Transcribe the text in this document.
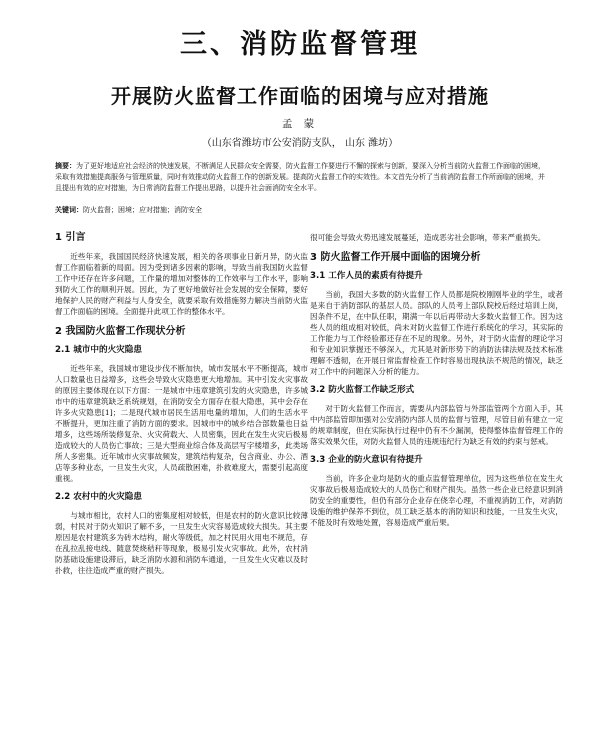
三、消防监督管理
开展防火监督工作面临的困境与应对措施
孟 蒙
（山东省潍坊市公安消防支队， 山东 潍坊）
摘要：为了更好地适应社会经济的快速发展，不断满足人民群众安全需要，防火监督工作要进行不懈的探索与创新，要深入分析当前防火监督工作面临的困境，采取有效措施提高服务与管理质量，同时有效推动防火监督工作的创新发展。提高防火监督工作的实效性。本文首先分析了当前消防监督工作所面临的困境，并且提出有效的应对措施，为日常消防监督工作提出思路，以提升社会面消防安全水平。
关键词：防火监督；困境；应对措施；消防安全
1 引言

近些年来，我国国民经济快速发展，相关的各项事业日新月异，防火监督工作面临着新的局面。因为受到诸多因素的影响，导致当前我国防火监督工作中还存在许多问题，工作量的增加对整体的工作效率与工作水平，影响到防火工作的顺利开展。因此，为了更好地做好社会发展的安全保障，要好地保护人民的财产利益与人身安全，就要采取有效措施努力解决当前防火监督工作面临的困境。全面提升此项工作的整体水平。

2 我国防火监督工作现状分析
2.1 城市中的火灾隐患

近些年来，我国城市建设步伐不断加快，城市发展水平不断提高，城市人口数量也日益增多，这些会导致火灾隐患更大地增加。其中引发火灾事故的原因主要体现在以下方面：一是城市中违章建筑引发的火灾隐患，许多城市中的违章建筑缺乏系统规划，在消防安全方面存在很大隐患，其中会存在许多火灾隐患[1]；二是现代城市居民生活用电量的增加，人们的生活水平不断提升，更加注重了消防方面的要求。因城市中的城乡结合部数量也日益增多，这些场所装修复杂、火灾荷载大、人员密集，因此在发生火灾后极易造成较大的人员伤亡事故；三是大型商业综合体及高层写字楼增多，此类场所人多密集。近年城市火灾事故频发，建筑结构复杂，包含商业、办公、酒店等多种业态，一旦发生火灾，人员疏散困难，扑救难度大，需要引起高度重视。

2.2 农村中的火灾隐患

与城市相比，农村人口的密集度相对较低，但是农村的防火意识比较薄弱，村民对于防火知识了解不多，一旦发生火灾容易造成较大损失。其主要原因是农村建筑多为砖木结构，耐火等级低，加之村民用火用电不规范，存在乱拉乱接电线、随意焚烧秸秆等现象，极易引发火灾事故。此外，农村消防基础设施建设滞后，缺乏消防水源和消防车通道，一旦发生火灾难以及时扑救，往往造成严重的财产损失。

很可能会导致火势迅速发展蔓延，造成恶劣社会影响，带来严重损失。

3 防火监督工作开展中面临的困境分析
3.1 工作人员的素质有待提升

当前，我国大多数的防火监督工作人员都是院校刚刚毕业的学生，或者是来自于消防部队的基层人员。部队的人员考上部队院校后经过培训上岗，因条件不足，在中队任职，期满一年以后再带动大多数火监督工作。因为这些人员的组成相对较低，尚未对防火监督工作进行系统化的学习，其实际的工作能力与工作经验都还存在不足的现象。另外，对于防火监督的理论学习和专业知识掌握还不够深入，尤其是对新形势下的消防法律法规及技术标准理解不透彻，在开展日常监督检查工作时容易出现执法不规范的情况，缺乏对工作中的问题深入分析的能力。

3.2 防火监督工作缺乏形式

对于防火监督工作而言，需要从内部监管与外部监管两个方面入手，其中内部监管即加强对公安消防内部人员的监督与管理，尽管目前有建立一定的规章制度，但在实际执行过程中仍有不少漏洞，使得整体监督管理工作的落实效果欠佳，对防火监督人员的违规违纪行为缺乏有效的约束与惩戒。

3.3 企业的防火意识有待提升

当前，许多企业均是防火的重点监督管理单位，因为这些单位在发生火灾事故后极易造成较大的人员伤亡和财产损失。虽然一些企业已经意识到消防安全的重要性，但仍有部分企业存在侥幸心理，不重视消防工作，对消防设施的维护保养不到位，员工缺乏基本的消防知识和技能，一旦发生火灾，不能及时有效地处置，容易造成严重后果。
